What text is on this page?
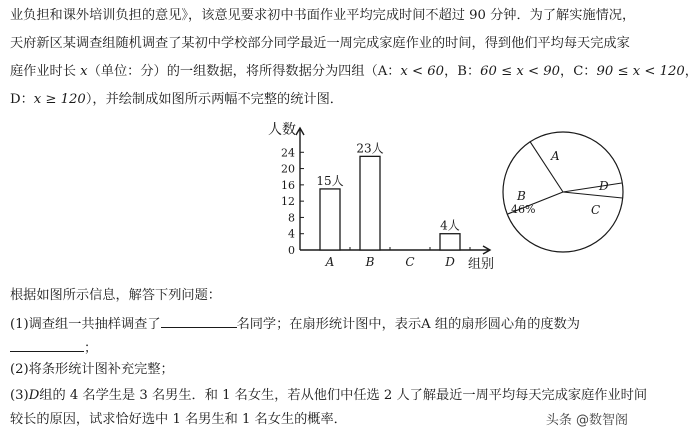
业负担和课外培训负担的意见》，该意见要求初中书面作业平均完成时间不超过 90 分钟．为了解实施情况，
天府新区某调查组随机调查了某初中学校部分同学最近一周完成家庭作业的时间，得到他们平均每天完成家
庭作业时长 x（单位：分）的一组数据，将所得数据分为四组（A：x < 60，B：60 ≤ x < 90，C：90 ≤ x < 120，
D：x ≥ 120），并绘制成如图所示两幅不完整的统计图．
人数
0
4
8
12
16
20
24
15人
A
23人
B	C
4人
D 组别
A
B
46%	C
D
根据如图所示信息，解答下列问题：
(1)调查组一共抽样调查了	名同学；在扇形统计图中，表示A 组的扇形圆心角的度数为
；
(2)将条形统计图补充完整；
(3)D组的 4 名学生是 3 名男生．和 1 名女生，若从他们中任选 2 人了解最近一周平均每天完成家庭作业时间
较长的原因，试求恰好选中 1 名男生和 1 名女生的概率．	头条 @数智阁
